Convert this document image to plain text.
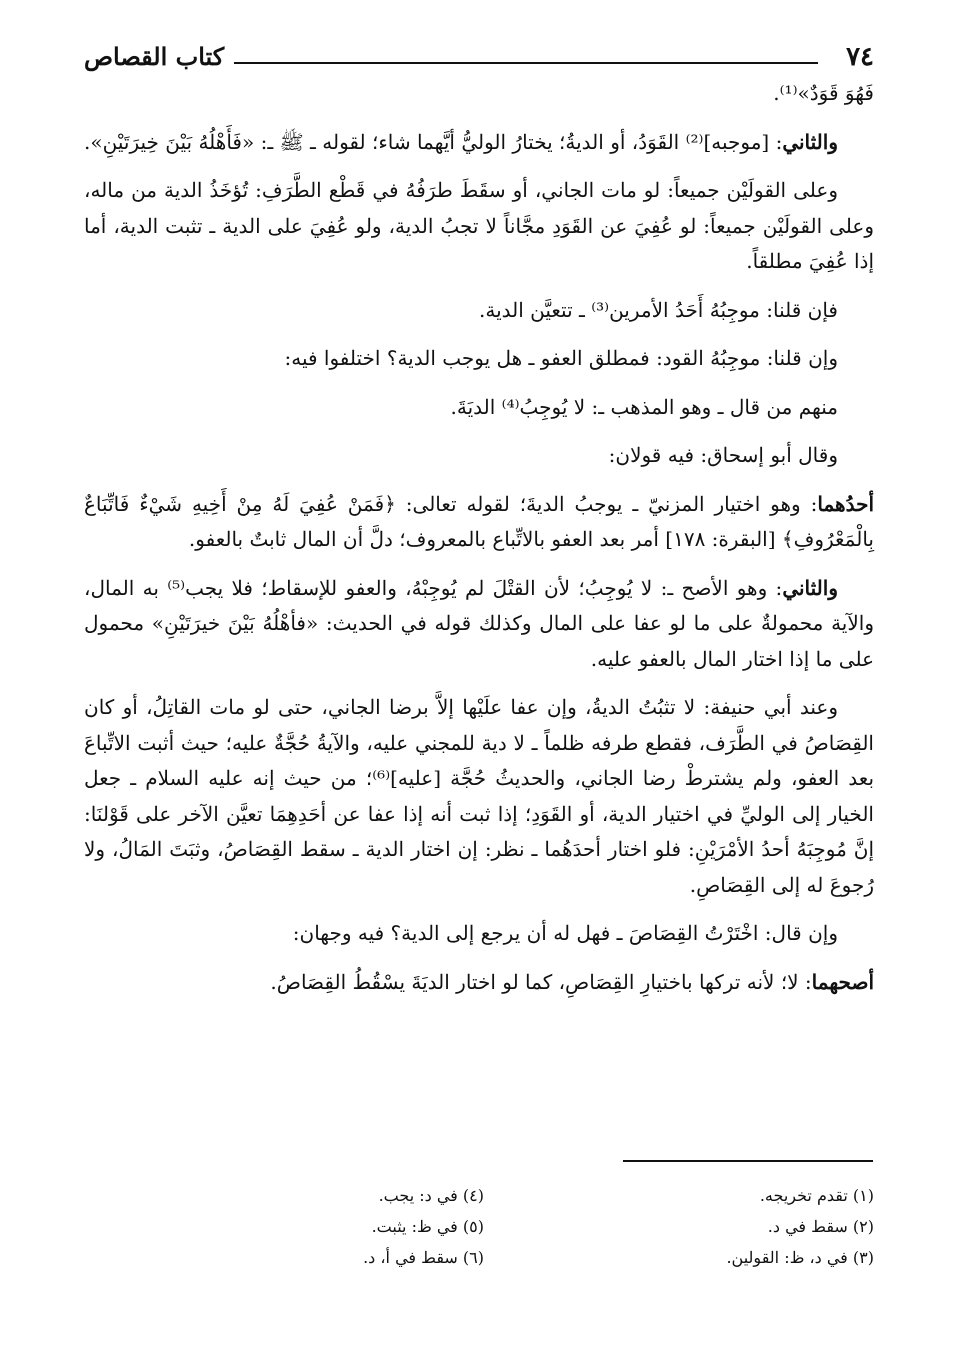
٧٤
كتاب القصاص

فَهُوَ قَوَدٌ»⁽¹⁾.

والثاني: [موجبه]⁽²⁾ القَوَدُ، أو الديةُ؛ يختارُ الوليُّ أيَّهما شاء؛ لقوله ـ ﷺ ـ: «فَأَهْلُهُ بَيْنَ خِيرَتَيْنِ».

وعلى القولَيْن جميعاً: لو مات الجاني، أو سقَطَ طرَفُهُ في قَطْع الطَّرَفِ: تُؤخَذُ الدية من ماله، وعلى القولَيْن جميعاً: لو عُفِيَ عن القَوَدِ مجَّاناً لا تجبُ الدية، ولو عُفِيَ على الدية ـ تثبت الدية، أما إذا عُفِيَ مطلقاً.

فإن قلنا: موجِبُهُ أَحَدُ الأمرين⁽³⁾ ـ تتعيَّن الدية.

وإن قلنا: موجِبُهُ القود: فمطلق العفو ـ هل يوجب الدية؟ اختلفوا فيه:

منهم من قال ـ وهو المذهب ـ: لا يُوجِبُ⁽⁴⁾ الديَةَ.

وقال أبو إسحاق: فيه قولان:

أحدُهما: وهو اختيار المزنيّ ـ يوجبُ الديةَ؛ لقوله تعالى: ﴿فَمَنْ عُفِيَ لَهُ مِنْ أَخِيهِ شَيْءٌ فَاتِّبَاعٌ بِالْمَعْرُوفِ﴾ [البقرة: ١٧٨] أمر بعد العفو بالاتِّباع بالمعروف؛ دلَّ أن المال ثابتٌ بالعفو.

والثاني: وهو الأصح ـ: لا يُوجِبُ؛ لأن القتْلَ لم يُوجِبْهُ، والعفو للإسقاط؛ فلا يجب⁽⁵⁾ به المال، والآية محمولةٌ على ما لو عفا على المال وكذلك قوله في الحديث: «فأهْلُهُ بَيْنَ خيرَتَيْنِ» محمول على ما إذا اختار المال بالعفو عليه.

وعند أبي حنيفة: لا تثبُتُ الديةُ، وإن عفا علَيْها إلاَّ برضا الجاني، حتى لو مات القاتِلُ، أو كان القِصَاصُ في الطَّرَف، فقطع طرفه ظلماً ـ لا دية للمجني عليه، والآيةُ حُجَّةٌ عليه؛ حيث أثبت الاتِّباعَ بعد العفو، ولم يشترطْ رضا الجاني، والحديثُ حُجَّة [عليه]⁽⁶⁾؛ من حيث إنه عليه السلام ـ جعل الخيار إلى الوليِّ في اختيار الدية، أو القَوَدِ؛ إذا ثبت أنه إذا عفا عن أحَدِهِمَا تعيَّن الآخر على قَوْلنَا: إنَّ مُوجِبَهُ أحدُ الأمْرَيْنِ: فلو اختار أحدَهُما ـ نظر: إن اختار الدية ـ سقط القِصَاصُ، وثبَتَ المَالُ، ولا رُجوعَ له إلى القِصَاصِ.

وإن قال: اخْتَرْتُ القِصَاصَ ـ فهل له أن يرجع إلى الدية؟ فيه وجهان:

أصحهما: لا؛ لأنه تركها باختيارِ القِصَاصِ، كما لو اختار الديَةَ يسْقُطُ القِصَاصُ.

(١) تقدم تخريجه.
(٢) سقط في د.
(٣) في د، ظ: القولين.
(٤) في د: يجب.
(٥) في ظ: يثبت.
(٦) سقط في أ، د.
